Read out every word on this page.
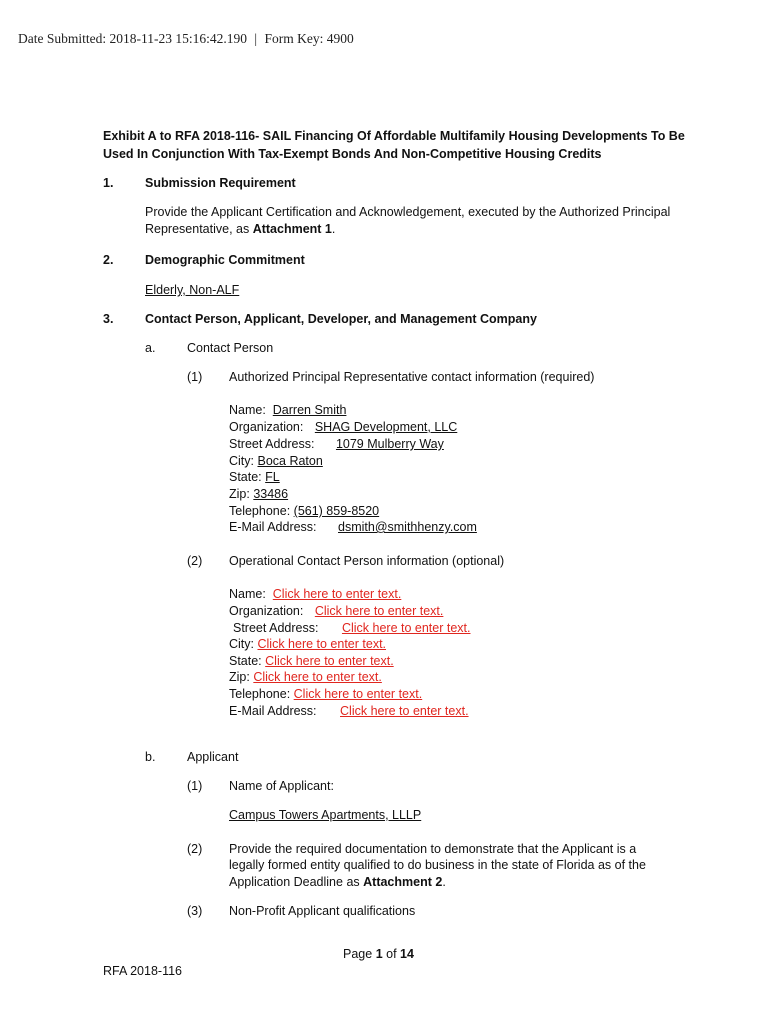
Date Submitted: 2018-11-23 15:16:42.190 | Form Key: 4900
Exhibit A to RFA 2018-116- SAIL Financing Of Affordable Multifamily Housing Developments To Be
Used In Conjunction With Tax-Exempt Bonds And Non-Competitive Housing Credits
1.	Submission Requirement
Provide the Applicant Certification and Acknowledgement, executed by the Authorized Principal
Representative, as Attachment 1.
2.	Demographic Commitment
Elderly, Non-ALF
3.	Contact Person, Applicant, Developer, and Management Company
a.	Contact Person
(1) Authorized Principal Representative contact information (required)
Name: Darren Smith
Organization: SHAG Development, LLC
Street Address: 1079 Mulberry Way
City: Boca Raton
State: FL
Zip: 33486
Telephone: (561) 859-8520
E-Mail Address: dsmith@smithhenzy.com
(2) Operational Contact Person information (optional)
Name: Click here to enter text.
Organization: Click here to enter text.
Street Address: Click here to enter text.
City: Click here to enter text.
State: Click here to enter text.
Zip: Click here to enter text.
Telephone: Click here to enter text.
E-Mail Address: Click here to enter text.
b.	Applicant
(1) Name of Applicant:
Campus Towers Apartments, LLLP
(2) Provide the required documentation to demonstrate that the Applicant is a
legally formed entity qualified to do business in the state of Florida as of the
Application Deadline as Attachment 2.
(3) Non-Profit Applicant qualifications
Page 1 of 14
RFA 2018-116
